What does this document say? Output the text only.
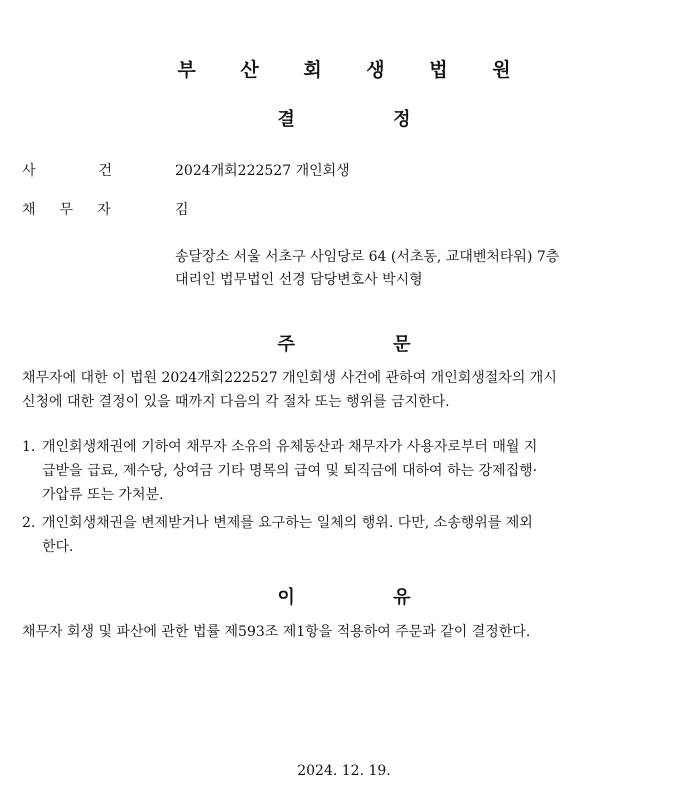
부 산 회 생 법 원
결 정
사	건	2024개회222527 개인회생
채 무 자	김
송달장소 서울 서초구 사임당로 64 (서초동, 교대벤처타워) 7층
대리인 법무법인 선경 담당변호사 박시형
주 문
채무자에 대한 이 법원 2024개회222527 개인회생 사건에 관하여 개인회생절차의 개시
신청에 대한 결정이 있을 때까지 다음의 각 절차 또는 행위를 금지한다.
1. 개인회생채권에 기하여 채무자 소유의 유체동산과 채무자가 사용자로부터 매월 지
급받을 급료, 제수당, 상여금 기타 명목의 급여 및 퇴직금에 대하여 하는 강제집행·
가압류 또는 가처분.
2. 개인회생채권을 변제받거나 변제를 요구하는 일체의 행위. 다만, 소송행위를 제외
한다.
이 유
채무자 회생 및 파산에 관한 법률 제593조 제1항을 적용하여 주문과 같이 결정한다.
2024. 12. 19.
